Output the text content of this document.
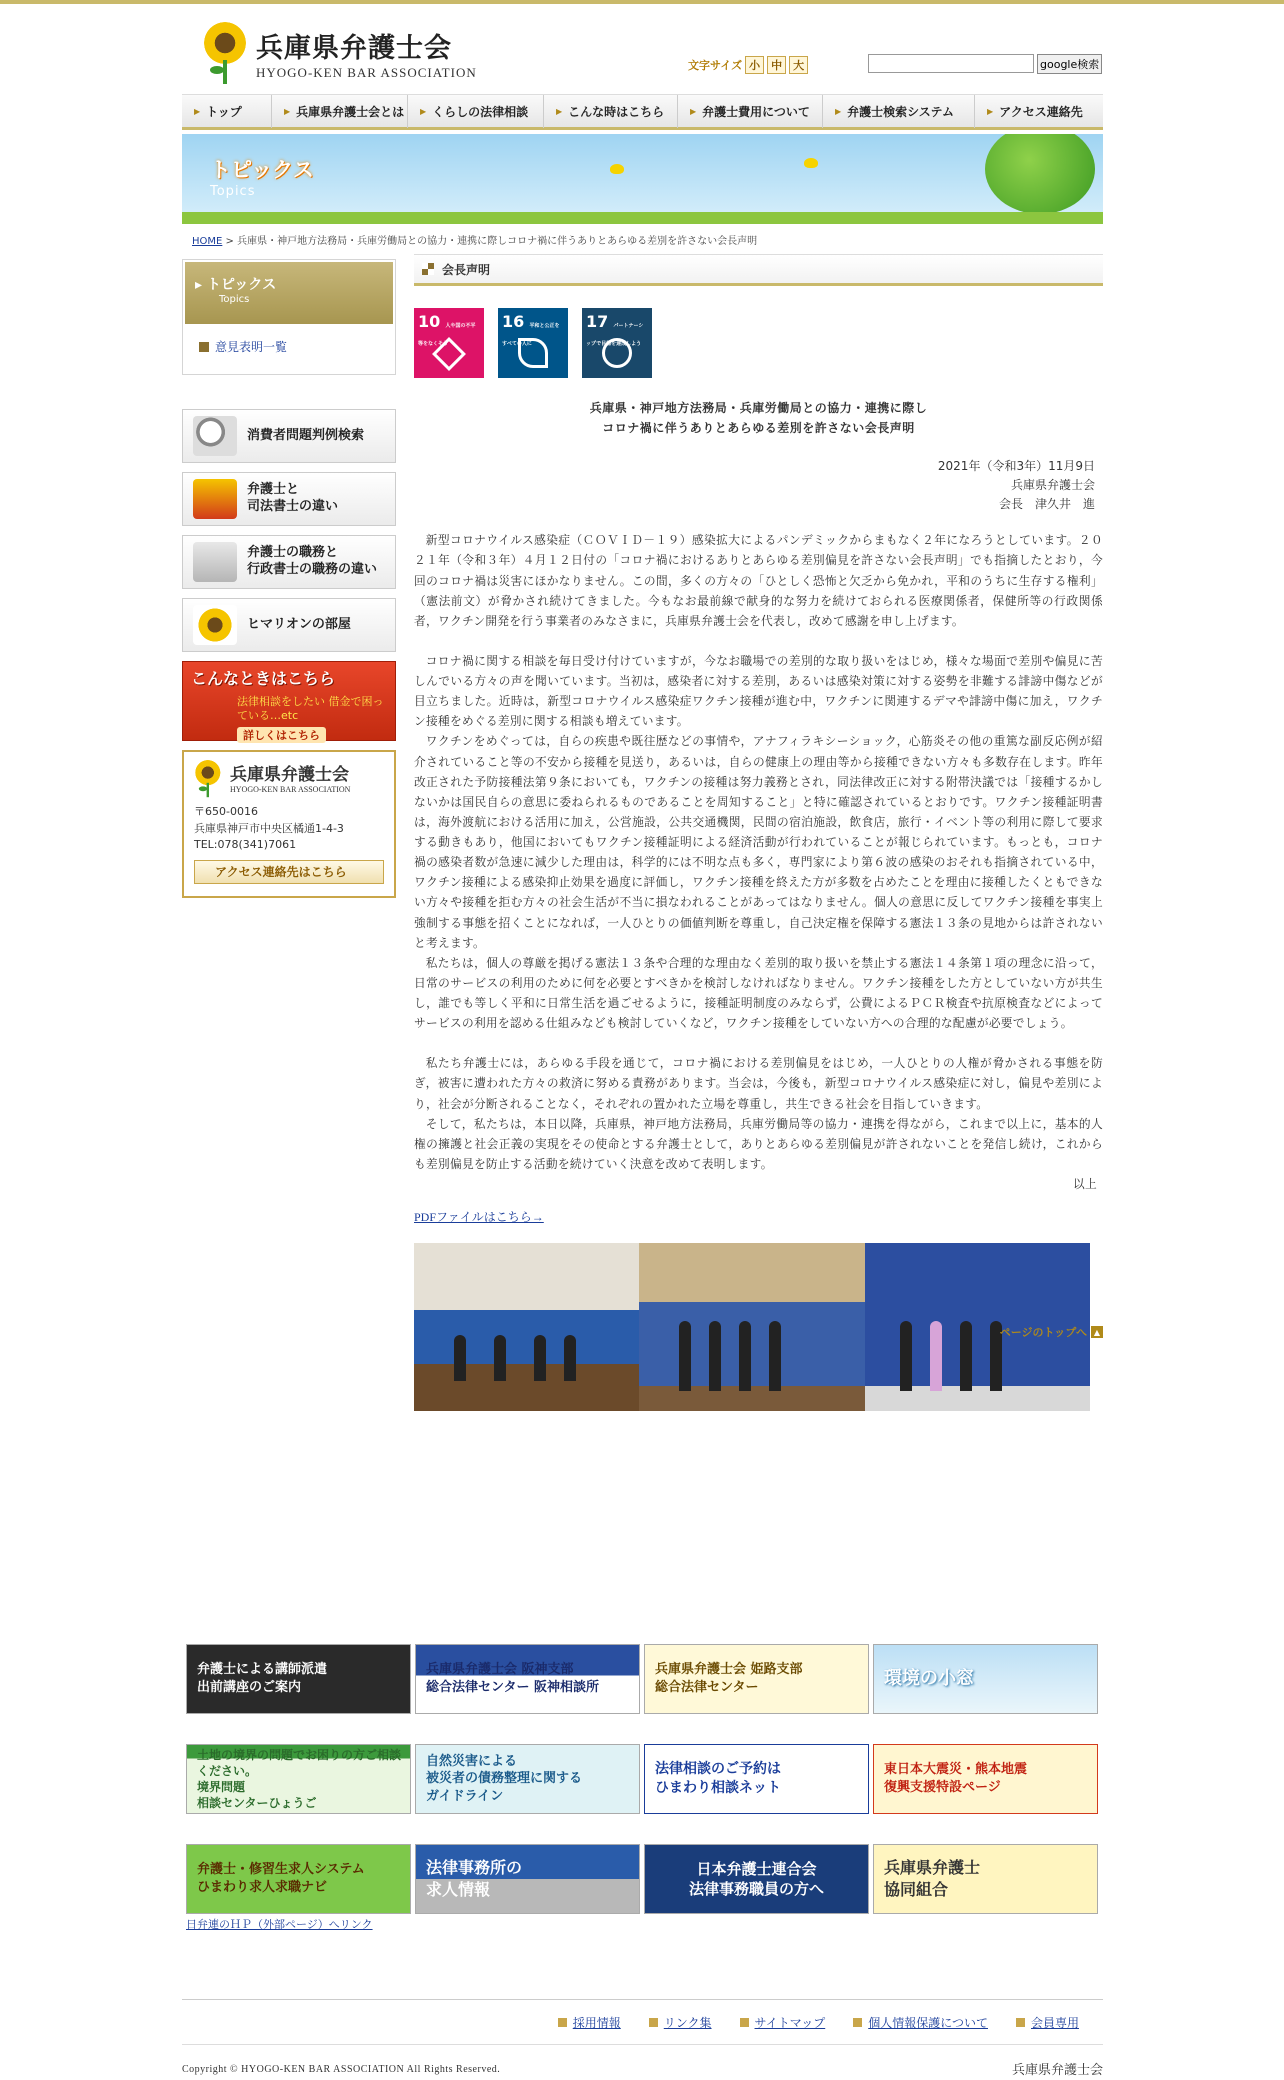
兵庫県弁護士会
HYOGO-KEN BAR ASSOCIATION	文字サイズ 小	中	大	google検索
▶ トップ	▶ 兵庫県弁護士会とは ▶ くらしの法律相談	▶ こんな時はこちら	▶ 弁護士費用について	▶ 弁護士検索システム	▶ アクセス連絡先
トピックス
Topics
HOME > 兵庫県・神戸地方法務局・兵庫労働局との協力・連携に際しコロナ禍に伴うありとあらゆる差別を許さない会長声明
▸ トピックス
Topics
意見表明一覧
消費者問題判例検索
弁護士と
司法書士の違い
弁護士の職務と
行政書士の職務の違い
ヒマリオンの部屋
こんなときはこちら
法律相談をしたい 借金で困っている…etc
詳しくはこちら
兵庫県弁護士会
HYOGO-KEN BAR ASSOCIATION
〒650-0016
兵庫県神戸市中央区橘通1-4-3
TEL:078(341)7061
アクセス連絡先はこちら
会長声明
10 人や国の不平等をなくそう
16 平和と公正をすべての人に
17 パートナーシップで目標を達成しよう
兵庫県・神戸地方法務局・兵庫労働局との協力・連携に際し
コロナ禍に伴うありとあらゆる差別を許さない会長声明
2021年（令和3年）11月9日
兵庫県弁護士会
会長　津久井　進

新型コロナウイルス感染症（ＣＯＶＩＤ－１９）感染拡大によるパンデミックからまもなく２年になろうとしています。２０２１年（令和３年）４月１２日付の「コロナ禍におけるありとあらゆる差別偏見を許さない会長声明」でも指摘したとおり，今回のコロナ禍は災害にほかなりません。この間，多くの方々の「ひとしく恐怖と欠乏から免かれ，平和のうちに生存する権利」（憲法前文）が脅かされ続けてきました。今もなお最前線で献身的な努力を続けておられる医療関係者，保健所等の行政関係者，ワクチン開発を行う事業者のみなさまに，兵庫県弁護士会を代表し，改めて感謝を申し上げます。

コロナ禍に関する相談を毎日受け付けていますが，今なお職場での差別的な取り扱いをはじめ，様々な場面で差別や偏見に苦しんでいる方々の声を聞いています。当初は，感染者に対する差別，あるいは感染対策に対する姿勢を非難する誹謗中傷などが目立ちました。近時は，新型コロナウイルス感染症ワクチン接種が進む中，ワクチンに関連するデマや誹謗中傷に加え，ワクチン接種をめぐる差別に関する相談も増えています。

ワクチンをめぐっては，自らの疾患や既往歴などの事情や，アナフィラキシーショック，心筋炎その他の重篤な副反応例が紹介されていること等の不安から接種を見送り，あるいは，自らの健康上の理由等から接種できない方々も多数存在します。昨年改正された予防接種法第９条においても，ワクチンの接種は努力義務とされ，同法律改正に対する附帯決議では「接種するかしないかは国民自らの意思に委ねられるものであることを周知すること」と特に確認されているとおりです。ワクチン接種証明書は，海外渡航における活用に加え，公営施設，公共交通機関，民間の宿泊施設，飲食店，旅行・イベント等の利用に際して要求する動きもあり，他国においてもワクチン接種証明による経済活動が行われていることが報じられています。もっとも，コロナ禍の感染者数が急速に減少した理由は，科学的には不明な点も多く，専門家により第６波の感染のおそれも指摘されている中，ワクチン接種による感染抑止効果を過度に評価し，ワクチン接種を終えた方が多数を占めたことを理由に接種したくともできない方々や接種を拒む方々の社会生活が不当に損なわれることがあってはなりません。個人の意思に反してワクチン接種を事実上強制する事態を招くことになれば，一人ひとりの価値判断を尊重し，自己決定権を保障する憲法１３条の見地からは許されないと考えます。

私たちは，個人の尊厳を掲げる憲法１３条や合理的な理由なく差別的取り扱いを禁止する憲法１４条第１項の理念に沿って，日常のサービスの利用のために何を必要とすべきかを検討しなければなりません。ワクチン接種をした方としていない方が共生し，誰でも等しく平和に日常生活を過ごせるように，接種証明制度のみならず，公費によるＰＣＲ検査や抗原検査などによってサービスの利用を認める仕組みなども検討していくなど，ワクチン接種をしていない方への合理的な配慮が必要でしょう。

私たち弁護士には，あらゆる手段を通じて，コロナ禍における差別偏見をはじめ，一人ひとりの人権が脅かされる事態を防ぎ，被害に遭われた方々の救済に努める責務があります。当会は，今後も，新型コロナウイルス感染症に対し，偏見や差別により，社会が分断されることなく，それぞれの置かれた立場を尊重し，共生できる社会を目指していきます。

そして，私たちは，本日以降，兵庫県，神戸地方法務局，兵庫労働局等の協力・連携を得ながら，これまで以上に，基本的人権の擁護と社会正義の実現をその使命とする弁護士として，ありとあらゆる差別偏見が許されないことを発信し続け，これからも差別偏見を防止する活動を続けていく決意を改めて表明します。

以上
PDFファイルはこちら→
ページのトップへ ▲
弁護士による講師派遣
出前講座のご案内
兵庫県弁護士会 阪神支部
総合法律センター 阪神相談所
兵庫県弁護士会 姫路支部
総合法律センター	環境の小窓
土地の境界の問題でお困りの方ご相談ください。
境界問題
相談センターひょうご
自然災害による
被災者の債務整理に関する
ガイドライン
法律相談のご予約は
ひまわり相談ネット
東日本大震災・熊本地震
復興支援特設ページ
弁護士・修習生求人システム
ひまわり求人求職ナビ
法律事務所の
求人情報
日本弁護士連合会
法律事務職員の方へ
兵庫県弁護士
協同組合
日弁連のＨＰ（外部ページ）へリンク
採用情報	リンク集	サイトマップ	個人情報保護について	会員専用
Copyright © HYOGO-KEN BAR ASSOCIATION All Rights Reserved.	兵庫県弁護士会
